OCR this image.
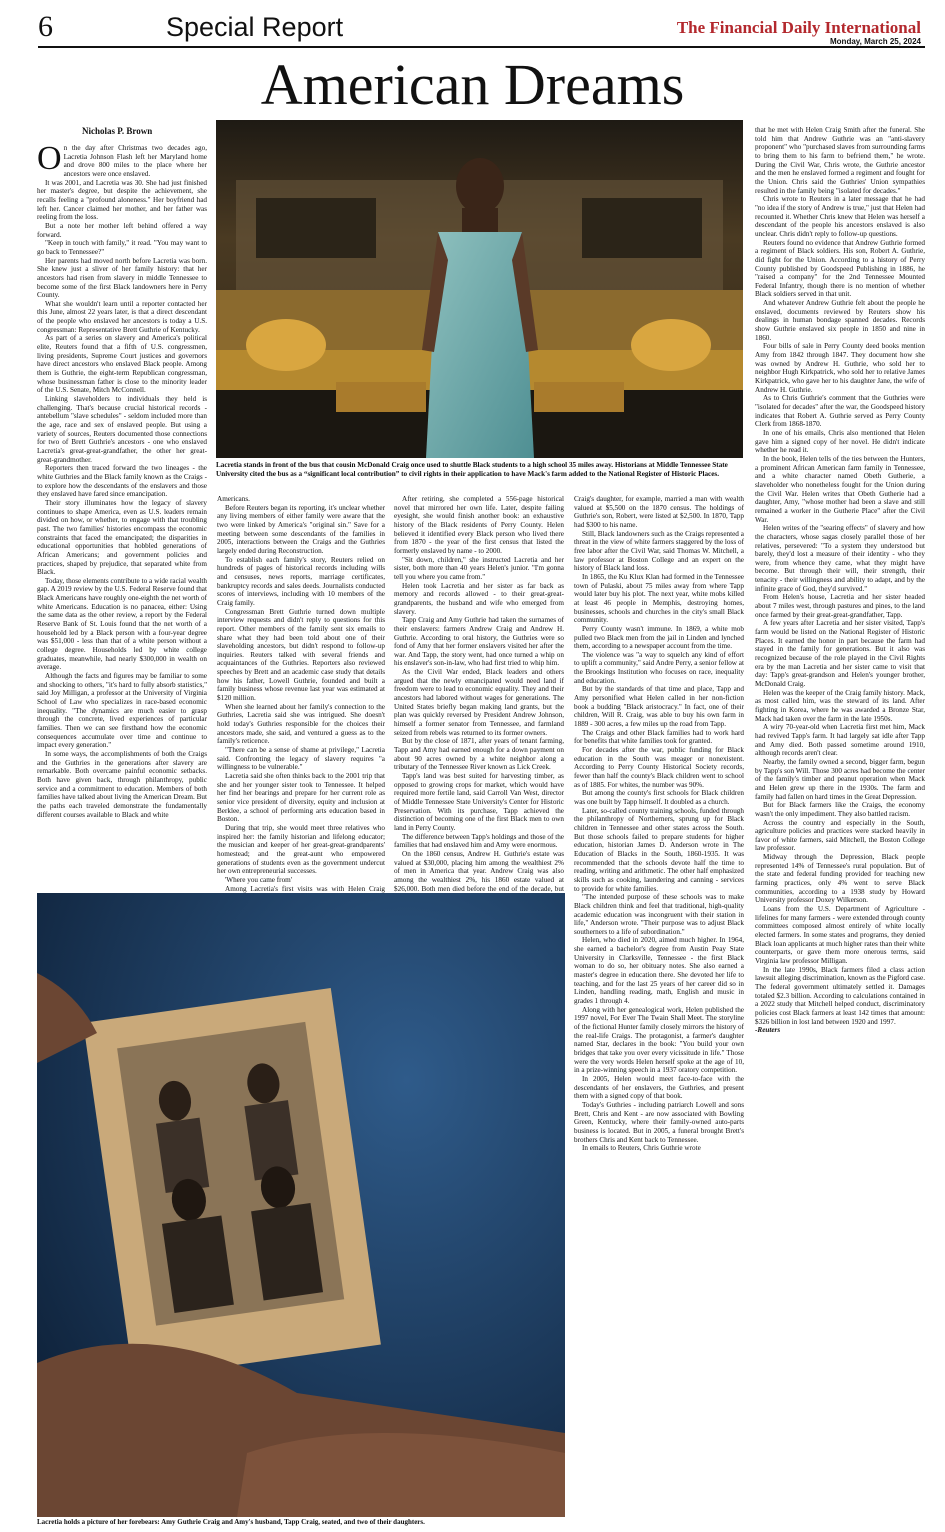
6	Special Report	The Financial Daily International
Monday, March 25, 2024
American Dreams
Nicholas P. Brown

On the day after Christmas two decades ago, Lacretia Johnson Flash left her Maryland home and drove 800 miles to the place where her ancestors were once enslaved.

It was 2001, and Lacretia was 30. She had just finished her master's degree, but despite the achievement, she recalls feeling a "profound aloneness." Her boyfriend had left her. Cancer claimed her mother, and her father was reeling from the loss.

But a note her mother left behind offered a way forward.

"Keep in touch with family," it read. "You may want to go back to Tennessee?"

Her parents had moved north before Lacretia was born. She knew just a sliver of her family history: that her ancestors had risen from slavery in middle Tennessee to become some of the first Black landowners here in Perry County.

What she wouldn't learn until a reporter contacted her this June, almost 22 years later, is that a direct descendant of the people who enslaved her ancestors is today a U.S. congressman: Representative Brett Guthrie of Kentucky.

As part of a series on slavery and America's political elite, Reuters found that a fifth of U.S. congressmen, living presidents, Supreme Court justices and governors have direct ancestors who enslaved Black people. Among them is Guthrie, the eight-term Republican congressman, whose businessman father is close to the minority leader of the U.S. Senate, Mitch McConnell.

Linking slaveholders to individuals they held is challenging. That's because crucial historical records - antebellum "slave schedules" - seldom included more than the age, race and sex of enslaved people. But using a variety of sources, Reuters documented those connections for two of Brett Guthrie's ancestors - one who enslaved Lacretia's great-great-grandfather, the other her great-great-grandmother.

Reporters then traced forward the two lineages - the white Guthries and the Black family known as the Craigs - to explore how the descendants of the enslavers and those they enslaved have fared since emancipation.

Their story illuminates how the legacy of slavery continues to shape America, even as U.S. leaders remain divided on how, or whether, to engage with that troubling past. The two families' histories encompass the economic constraints that faced the emancipated; the disparities in educational opportunities that hobbled generations of African Americans; and government policies and practices, shaped by prejudice, that separated white from Black.

Today, those elements contribute to a wide racial wealth gap. A 2019 review by the U.S. Federal Reserve found that Black Americans have roughly one-eighth the net worth of white Americans. Education is no panacea, either: Using the same data as the other review, a report by the Federal Reserve Bank of St. Louis found that the net worth of a household led by a Black person with a four-year degree was $51,000 - less than that of a white person without a college degree. Households led by white college graduates, meanwhile, had nearly $300,000 in wealth on average.

Although the facts and figures may be familiar to some and shocking to others, "it's hard to fully absorb statistics," said Joy Milligan, a professor at the University of Virginia School of Law who specializes in race-based economic inequality. "The dynamics are much easier to grasp through the concrete, lived experiences of particular families. Then we can see firsthand how the economic consequences accumulate over time and continue to impact every generation."

In some ways, the accomplishments of both the Craigs and the Guthries in the generations after slavery are remarkable. Both overcame painful economic setbacks. Both have given back, through philanthropy, public service and a commitment to education. Members of both families have talked about living the American Dream. But the paths each traveled demonstrate the fundamentally different courses available to Black and white

Lacretia stands in front of the bus that cousin McDonald Craig once used to shuttle Black students to a high school 35 miles away. Historians at Middle Tennessee State University cited the bus as a “significant local contribution” to civil rights in their application to have Mack's farm added to the National Register of Historic Places.

Americans.

Before Reuters began its reporting, it's unclear whether any living members of either family were aware that the two were linked by America's "original sin." Save for a meeting between some descendants of the families in 2005, interactions between the Craigs and the Guthries largely ended during Reconstruction.

To establish each family's story, Reuters relied on hundreds of pages of historical records including wills and censuses, news reports, marriage certificates, bankruptcy records and sales deeds. Journalists conducted scores of interviews, including with 10 members of the Craig family.

Congressman Brett Guthrie turned down multiple interview requests and didn't reply to questions for this report. Other members of the family sent six emails to share what they had been told about one of their slaveholding ancestors, but didn't respond to follow-up inquiries. Reuters talked with several friends and acquaintances of the Guthries. Reporters also reviewed speeches by Brett and an academic case study that details how his father, Lowell Guthrie, founded and built a family business whose revenue last year was estimated at $120 million.

When she learned about her family's connection to the Guthries, Lacretia said she was intrigued. She doesn't hold today's Guthries responsible for the choices their ancestors made, she said, and ventured a guess as to the family's reticence.

"There can be a sense of shame at privilege," Lacretia said. Confronting the legacy of slavery requires "a willingness to be vulnerable."

Lacretia said she often thinks back to the 2001 trip that she and her younger sister took to Tennessee. It helped her find her bearings and prepare for her current role as senior vice president of diversity, equity and inclusion at Berklee, a school of performing arts education based in Boston.

During that trip, she would meet three relatives who inspired her: the family historian and lifelong educator; the musician and keeper of her great-great-grandparents' homestead; and the great-aunt who empowered generations of students even as the government undercut her own entrepreneurial successes.

'Where you came from'

Among Lacretia's first visits was with Helen Craig

After retiring, she completed a 556-page historical novel that mirrored her own life. Later, despite failing eyesight, she would finish another book: an exhaustive history of the Black residents of Perry County. Helen believed it identified every Black person who lived there from 1870 - the year of the first census that listed the formerly enslaved by name - to 2000.

"Sit down, children," she instructed Lacretia and her sister, both more than 40 years Helen's junior. "I'm gonna tell you where you came from."

Helen took Lacretia and her sister as far back as memory and records allowed - to their great-great-grandparents, the husband and wife who emerged from slavery.

Tapp Craig and Amy Guthrie had taken the surnames of their enslavers: farmers Andrew Craig and Andrew H. Guthrie. According to oral history, the Guthries were so fond of Amy that her former enslavers visited her after the war. And Tapp, the story went, had once turned a whip on his enslaver's son-in-law, who had first tried to whip him.

As the Civil War ended, Black leaders and others argued that the newly emancipated would need land if freedom were to lead to economic equality. They and their ancestors had labored without wages for generations. The United States briefly began making land grants, but the plan was quickly reversed by President Andrew Johnson, himself a former senator from Tennessee, and farmland seized from rebels was returned to its former owners.

But by the close of 1871, after years of tenant farming, Tapp and Amy had earned enough for a down payment on about 90 acres owned by a white neighbor along a tributary of the Tennessee River known as Lick Creek.

Tapp's land was best suited for harvesting timber, as opposed to growing crops for market, which would have required more fertile land, said Carroll Van West, director of Middle Tennessee State University's Center for Historic Preservation. With its purchase, Tapp achieved the distinction of becoming one of the first Black men to own land in Perry County.

The difference between Tapp's holdings and those of the families that had enslaved him and Amy were enormous.

On the 1860 census, Andrew H. Guthrie's estate was valued at $30,000, placing him among the wealthiest 2% of men in America that year. Andrew Craig was also among the wealthiest 2%, his 1860 estate valued at $26,000. Both men died before the end of the decade, but

Craig's daughter, for example, married a man with wealth valued at $5,500 on the 1870 census. The holdings of Guthrie's son, Robert, were listed at $2,500. In 1870, Tapp had $300 to his name.

Still, Black landowners such as the Craigs represented a threat in the view of white farmers staggered by the loss of free labor after the Civil War, said Thomas W. Mitchell, a law professor at Boston College and an expert on the history of Black land loss.

In 1865, the Ku Klux Klan had formed in the Tennessee town of Pulaski, about 75 miles away from where Tapp would later buy his plot. The next year, white mobs killed at least 46 people in Memphis, destroying homes, businesses, schools and churches in the city's small Black community.

Perry County wasn't immune. In 1869, a white mob pulled two Black men from the jail in Linden and lynched them, according to a newspaper account from the time.

The violence was "a way to squelch any kind of effort to uplift a community," said Andre Perry, a senior fellow at the Brookings Institution who focuses on race, inequality and education.

But by the standards of that time and place, Tapp and Amy personified what Helen called in her non-fiction book a budding "Black aristocracy." In fact, one of their children, Will R. Craig, was able to buy his own farm in 1889 - 300 acres, a few miles up the road from Tapp.

The Craigs and other Black families had to work hard for benefits that white families took for granted.

For decades after the war, public funding for Black education in the South was meager or nonexistent. According to Perry County Historical Society records, fewer than half the county's Black children went to school as of 1885. For whites, the number was 90%.

But among the county's first schools for Black children was one built by Tapp himself. It doubled as a church.

Later, so-called county training schools, funded through the philanthropy of Northerners, sprung up for Black children in Tennessee and other states across the South. But those schools failed to prepare students for higher education, historian James D. Anderson wrote in The Education of Blacks in the South, 1860-1935. It was recommended that the schools devote half the time to reading, writing and arithmetic. The other half emphasized skills such as cooking, laundering and canning - services to provide for white families.

"The intended purpose of these schools was to make Black children think and feel that traditional, high-quality academic education was incongruent with their station in life," Anderson wrote. "Their purpose was to adjust Black southerners to a life of subordination."

Helen, who died in 2020, aimed much higher. In 1964, she earned a bachelor's degree from Austin Peay State University in Clarksville, Tennessee - the first Black woman to do so, her obituary notes. She also earned a master's degree in education there. She devoted her life to teaching, and for the last 25 years of her career did so in Linden, handling reading, math, English and music in grades 1 through 4.

Along with her genealogical work, Helen published the 1997 novel, For Ever The Twain Shall Meet. The storyline of the fictional Hunter family closely mirrors the history of the real-life Craigs. The protagonist, a farmer's daughter named Star, declares in the book: "You build your own bridges that take you over every vicissitude in life." Those were the very words Helen herself spoke at the age of 10, in a prize-winning speech in a 1937 oratory competition.

In 2005, Helen would meet face-to-face with the descendants of her enslavers, the Guthries, and present them with a signed copy of that book.

Today's Guthries - including patriarch Lowell and sons Brett, Chris and Kent - are now associated with Bowling Green, Kentucky, where their family-owned auto-parts business is located. But in 2005, a funeral brought Brett's brothers Chris and Kent back to Tennessee.

In emails to Reuters, Chris Guthrie wrote

that he met with Helen Craig Smith after the funeral. She told him that Andrew Guthrie was an "anti-slavery proponent" who "purchased slaves from surrounding farms to bring them to his farm to befriend them," he wrote. During the Civil War, Chris wrote, the Guthrie ancestor and the men he enslaved formed a regiment and fought for the Union. Chris said the Guthries' Union sympathies resulted in the family being "isolated for decades."

Chris wrote to Reuters in a later message that he had "no idea if the story of Andrew is true," just that Helen had recounted it. Whether Chris knew that Helen was herself a descendant of the people his ancestors enslaved is also unclear. Chris didn't reply to follow-up questions.

Reuters found no evidence that Andrew Guthrie formed a regiment of Black soldiers. His son, Robert A. Guthrie, did fight for the Union. According to a history of Perry County published by Goodspeed Publishing in 1886, he "raised a company" for the 2nd Tennessee Mounted Federal Infantry, though there is no mention of whether Black soldiers served in that unit.

And whatever Andrew Guthrie felt about the people he enslaved, documents reviewed by Reuters show his dealings in human bondage spanned decades. Records show Guthrie enslaved six people in 1850 and nine in 1860.

Four bills of sale in Perry County deed books mention Amy from 1842 through 1847. They document how she was owned by Andrew H. Guthrie, who sold her to neighbor Hugh Kirkpatrick, who sold her to relative James Kirkpatrick, who gave her to his daughter Jane, the wife of Andrew H. Guthrie.

As to Chris Guthrie's comment that the Guthries were "isolated for decades" after the war, the Goodspeed history indicates that Robert A. Guthrie served as Perry County Clerk from 1868-1870.

In one of his emails, Chris also mentioned that Helen gave him a signed copy of her novel. He didn't indicate whether he read it.

In the book, Helen tells of the ties between the Hunters, a prominent African American farm family in Tennessee, and a white character named Obeth Gutherie, a slaveholder who nonetheless fought for the Union during the Civil War. Helen writes that Obeth Gutherie had a daughter, Amy, "whose mother had been a slave and still remained a worker in the Gutherie Place" after the Civil War.

Helen writes of the "searing effects" of slavery and how the characters, whose sagas closely parallel those of her relatives, persevered: "To a system they understood but barely, they'd lost a measure of their identity - who they were, from whence they came, what they might have become. But through their will, their strength, their tenacity - their willingness and ability to adapt, and by the infinite grace of God, they'd survived."

From Helen's house, Lacretia and her sister headed about 7 miles west, through pastures and pines, to the land once farmed by their great-great-grandfather, Tapp.

A few years after Lacretia and her sister visited, Tapp's farm would be listed on the National Register of Historic Places. It earned the honor in part because the farm had stayed in the family for generations. But it also was recognized because of the role played in the Civil Rights era by the man Lacretia and her sister came to visit that day: Tapp's great-grandson and Helen's younger brother, McDonald Craig.

Helen was the keeper of the Craig family history. Mack, as most called him, was the steward of its land. After fighting in Korea, where he was awarded a Bronze Star, Mack had taken over the farm in the late 1950s.

A wiry 70-year-old when Lacretia first met him, Mack had revived Tapp's farm. It had largely sat idle after Tapp and Amy died. Both passed sometime around 1910, although records aren't clear.

Nearby, the family owned a second, bigger farm, begun by Tapp's son Will. Those 300 acres had become the center of the family's timber and peanut operation when Mack and Helen grew up there in the 1930s. The farm and family had fallen on hard times in the Great Depression.

But for Black farmers like the Craigs, the economy wasn't the only impediment. They also battled racism.

Across the country and especially in the South, agriculture policies and practices were stacked heavily in favor of white farmers, said Mitchell, the Boston College law professor.

Midway through the Depression, Black people represented 14% of Tennessee's rural population. But of the state and federal funding provided for teaching new farming practices, only 4% went to serve Black communities, according to a 1938 study by Howard University professor Doxey Wilkerson.

Loans from the U.S. Department of Agriculture - lifelines for many farmers - were extended through county committees composed almost entirely of white locally elected farmers. In some states and programs, they denied Black loan applicants at much higher rates than their white counterparts, or gave them more onerous terms, said Virginia law professor Milligan.

In the late 1990s, Black farmers filed a class action lawsuit alleging discrimination, known as the Pigford case. The federal government ultimately settled it. Damages totaled $2.3 billion. According to calculations contained in a 2022 study that Mitchell helped conduct, discriminatory policies cost Black farmers at least 142 times that amount: $326 billion in lost land between 1920 and 1997.

-Reuters

Lacretia holds a picture of her forebears: Amy Guthrie Craig and Amy's husband, Tapp Craig, seated, and two of their daughters.
